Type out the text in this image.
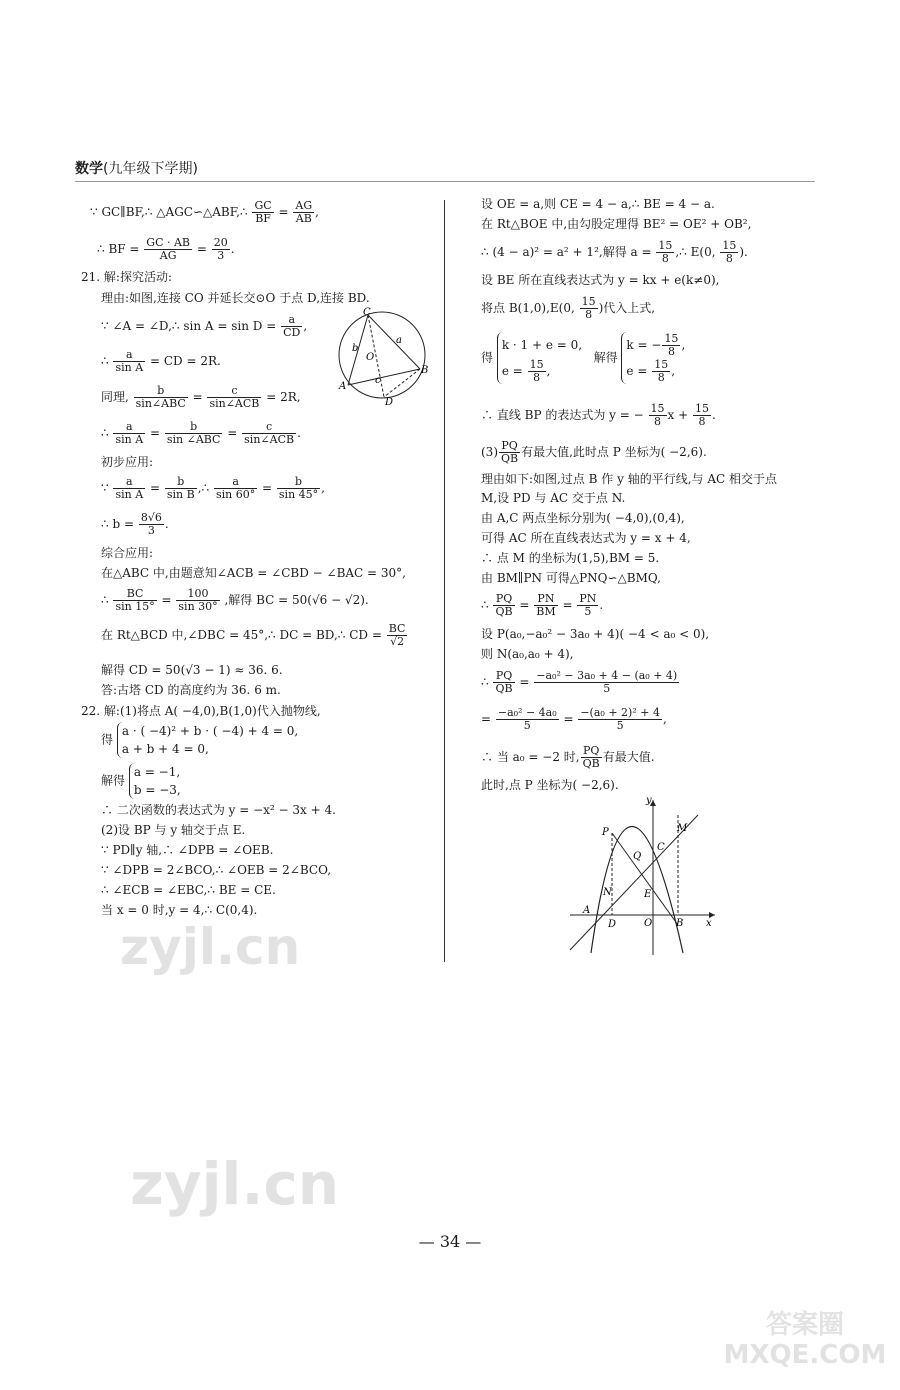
数学(九年级下学期)
∵ GC∥BF,∴ △AGC∽△ABF,∴ $\frac{GC}{BF} = \frac{AG}{AB}$ ,
∴ BF = $\frac{GC \cdot AB}{AG} = \frac{20}{3}$ .
21. 解:探究活动:
理由:如图,连接 CO 并延长交⊙O 于点 D,连接 BD.
∵ ∠A = ∠D,∴ $\sin A = \sin D = \frac{a}{CD}$ ,
∴ $\frac{a}{\text{sin A}}$ = CD = 2R.
同理, $\frac{b}{\text{sin∠ABC}} = \frac{c}{\text{sin∠ACB}} = 2R$,
∴ $\frac{a}{\text{sin A}} = \frac{b}{\text{sin ∠ABC}} = \frac{c}{\text{sin∠ACB}}$ .
初步应用:
∵ $\frac{a}{\text{sin A}} = \frac{b}{\text{sin B}}$ ,∴ $\frac{a}{\sin 60^\circ} = \frac{b}{\sin 45^\circ}$ ,
∴ $b = \frac{8√6}{3}$ .
综合应用:
在△ABC 中,由题意知∠ACB = ∠CBD − ∠BAC = 30°,
∴ $\frac{BC}{\sin 15^\circ} = \frac{100}{\sin 30^\circ}$ ,解得 BC = 50(√6 − √2).
在 Rt△BCD 中,∠DBC = 45°,∴ DC = BD,∴ CD = $\frac{BC}{√2}$
解得 CD = 50(√3 − 1) ≈ 36. 6.
答:古塔 CD 的高度约为 36. 6 m.
22. 解:(1)将点 A( −4,0),B(1,0)代入抛物线,
得
a · ( −4)² + b · ( −4) + 4 = 0,
a + b + 4 = 0,
解得
a = −1,
b = −3,
∴ 二次函数的表达式为 y = −x² − 3x + 4.
(2)设 BP 与 y 轴交于点 E.
∵ PD∥y 轴,∴ ∠DPB = ∠OEB.
∵ ∠DPB = 2∠BCO,∴ ∠OEB = 2∠BCO,
∴ ∠ECB = ∠EBC,∴ BE = CE.
当 x = 0 时,y = 4,∴ C(0,4).
C
O
A
B
D
a
b
c
设 OE = a,则 CE = 4 − a,∴ BE = 4 − a.
在 Rt△BOE 中,由勾股定理得 BE² = OE² + OB²,
∴ (4 − a)² = a² + 1²,解得 $a = \frac{15}{8}$ ,∴ E(0, $\frac{15}{8}$ ).
设 BE 所在直线表达式为 y = kx + e(k≠0),
将点 B(1,0),E(0, $\frac{15}{8}$ )代入上式,
得
k · 1 + e = 0,
$e = \frac{15}{8}$ ,
解得
k = − $\frac{15}{8}$ ,
$e = \frac{15}{8}$ ,
∴ 直线 BP 的表达式为 y = − $\frac{15}{8}$ $x + \frac{15}{8}$ .
$(3) \frac{PQ}{QB}$ 有最大值,此时点 P 坐标为( −2,6).
理由如下:如图,过点 B 作 y 轴的平行线,与 AC 相交于点
M,设 PD 与 AC 交于点 N.
由 A,C 两点坐标分别为( −4,0),(0,4),
可得 AC 所在直线表达式为 y = x + 4,
∴ 点 M 的坐标为(1,5),BM = 5.
由 BM∥PN 可得△PNQ∽△BMQ,
∴ $\frac{PQ}{QB} = \frac{PN}{BM} = \frac{PN}{5}$ .
设 P(a₀,−a₀² − 3a₀ + 4)( −4 < a₀ < 0),
则 N(a₀,a₀ + 4),
∴ $\frac{PQ}{QB} = \frac{\text{−a₀² − 3a₀ + 4 − (a₀ + 4)}}{5}$
= $\frac{\text{−a₀² − 4a₀}}{5} = \frac{\text{−(a₀ + 2)² + 4}}{5}$ ,
∴ 当 a₀ = −2 时, $\frac{PQ}{QB}$ 有最大值.
此时,点 P 坐标为( −2,6).
y
x
P	M
Q
C
N	E
A
D	O B
zyjl.cn
zyjl.cn
— 34 —
答案圈 MXQE.COM
